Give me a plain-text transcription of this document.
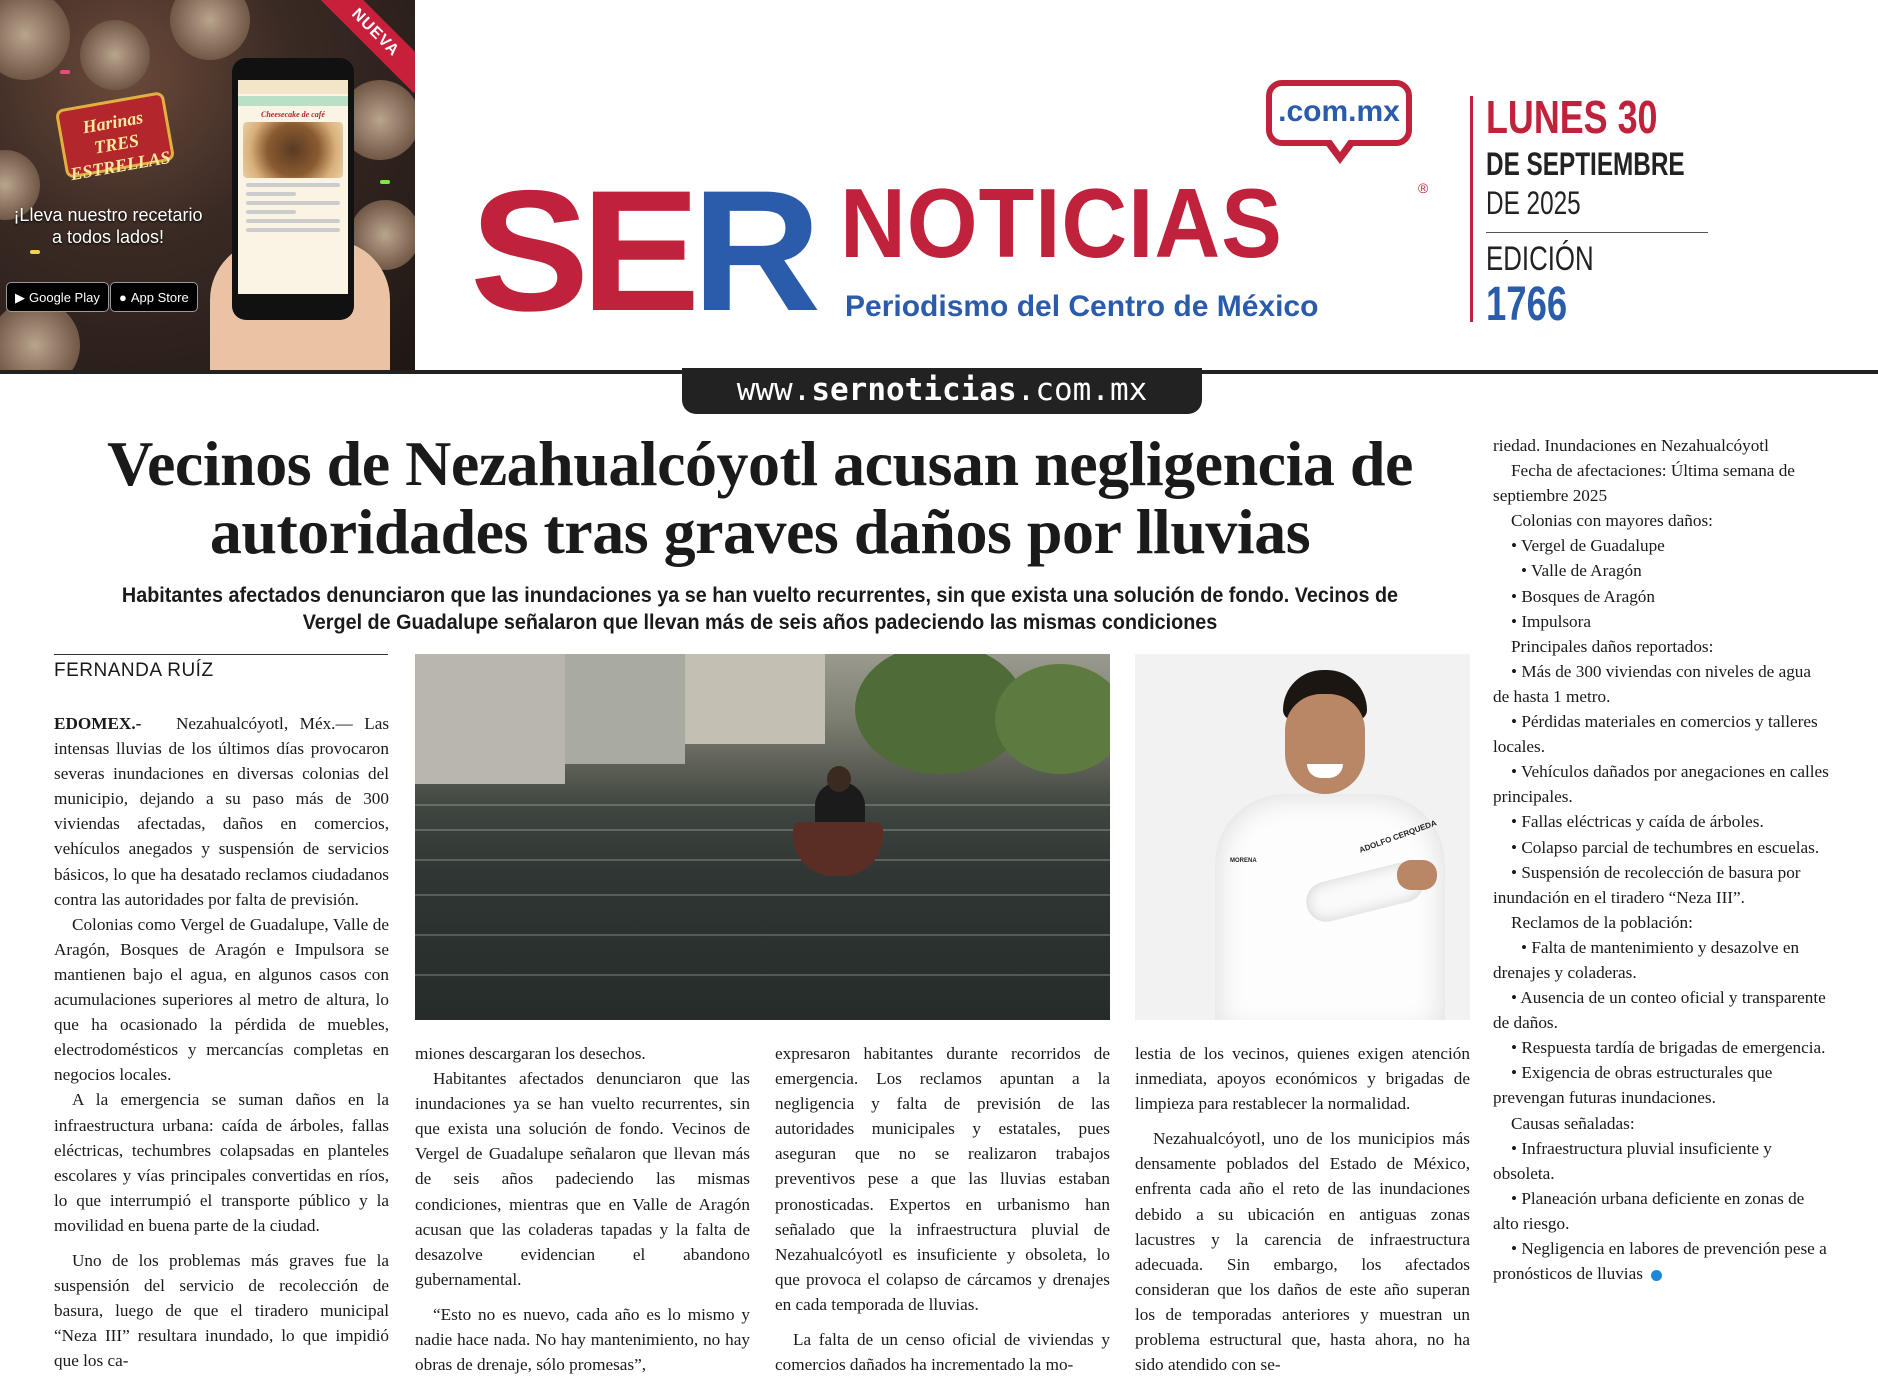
NUEVA
Harinas TRES ESTRELLAS
¡Lleva nuestro recetario a todos lados!
▶ Google Play	● App Store
Cheesecake de café	.com.mx
SER NOTICIAS	®
Periodismo del Centro de México
LUNES 30
DE SEPTIEMBRE
DE 2025
EDICIÓN
1766
www.sernoticias.com.mx
Vecinos de Nezahualcóyotl acusan negligencia de autoridades tras graves daños por lluvias
Habitantes afectados denunciaron que las inundaciones ya se han vuelto recurrentes, sin que exista una solución de fondo. Vecinos de Vergel de Guadalupe señalaron que llevan más de seis años padeciendo las mismas condiciones
FERNANDA RUÍZ

EDOMEX.- Nezahualcóyotl, Méx.— Las intensas lluvias de los últimos días provocaron severas inundaciones en diversas colonias del municipio, dejando a su paso más de 300 viviendas afectadas, daños en comercios, vehículos anegados y suspensión de servicios básicos, lo que ha desatado reclamos ciudadanos contra las autoridades por falta de previsión.

Colonias como Vergel de Guadalupe, Valle de Aragón, Bosques de Aragón e Impulsora se mantienen bajo el agua, en algunos casos con acumulaciones superiores al metro de altura, lo que ha ocasionado la pérdida de muebles, electrodomésticos y mercancías completas en negocios locales.

A la emergencia se suman daños en la infraestructura urbana: caída de árboles, fallas eléctricas, techumbres colapsadas en planteles escolares y vías principales convertidas en ríos, lo que interrumpió el transporte público y la movilidad en buena parte de la ciudad.

Uno de los problemas más graves fue la suspensión del servicio de recolección de basura, luego de que el tiradero municipal “Neza III” resultara inundado, lo que impidió que los ca-

ADOLFO CERQUEDA
MORENA

miones descargaran los desechos.

Habitantes afectados denunciaron que las inundaciones ya se han vuelto recurrentes, sin que exista una solución de fondo. Vecinos de Vergel de Guadalupe señalaron que llevan más de seis años padeciendo las mismas condiciones, mientras que en Valle de Aragón acusan que las coladeras tapadas y la falta de desazolve evidencian el abandono gubernamental.

“Esto no es nuevo, cada año es lo mismo y nadie hace nada. No hay mantenimiento, no hay obras de drenaje, sólo promesas”,

expresaron habitantes durante recorridos de emergencia. Los reclamos apuntan a la negligencia y falta de previsión de las autoridades municipales y estatales, pues aseguran que no se realizaron trabajos preventivos pese a que las lluvias estaban pronosticadas. Expertos en urbanismo han señalado que la infraestructura pluvial de Nezahualcóyotl es insuficiente y obsoleta, lo que provoca el colapso de cárcamos y drenajes en cada temporada de lluvias.

La falta de un censo oficial de viviendas y comercios dañados ha incrementado la mo-

lestia de los vecinos, quienes exigen atención inmediata, apoyos económicos y brigadas de limpieza para restablecer la normalidad.

Nezahualcóyotl, uno de los municipios más densamente poblados del Estado de México, enfrenta cada año el reto de las inundaciones debido a su ubicación en antiguas zonas lacustres y la carencia de infraestructura adecuada. Sin embargo, los afectados consideran que los daños de este año superan los de temporadas anteriores y muestran un problema estructural que, hasta ahora, no ha sido atendido con se-

riedad. Inundaciones en Nezahualcóyotl

Fecha de afectaciones: Última semana de septiembre 2025

Colonias con mayores daños:

• Vergel de Guadalupe

• Valle de Aragón

• Bosques de Aragón

• Impulsora

Principales daños reportados:

• Más de 300 viviendas con niveles de agua de hasta 1 metro.

• Pérdidas materiales en comercios y talleres locales.

• Vehículos dañados por anegaciones en calles principales.

• Fallas eléctricas y caída de árboles.

• Colapso parcial de techumbres en escuelas.

• Suspensión de recolección de basura por inundación en el tiradero “Neza III”.

Reclamos de la población:

• Falta de mantenimiento y desazolve en drenajes y coladeras.

• Ausencia de un conteo oficial y transparente de daños.

• Respuesta tardía de brigadas de emergencia.

• Exigencia de obras estructurales que prevengan futuras inundaciones.

Causas señaladas:

• Infraestructura pluvial insuficiente y obsoleta.

• Planeación urbana deficiente en zonas de alto riesgo.

• Negligencia en labores de prevención pese a pronósticos de lluvias
